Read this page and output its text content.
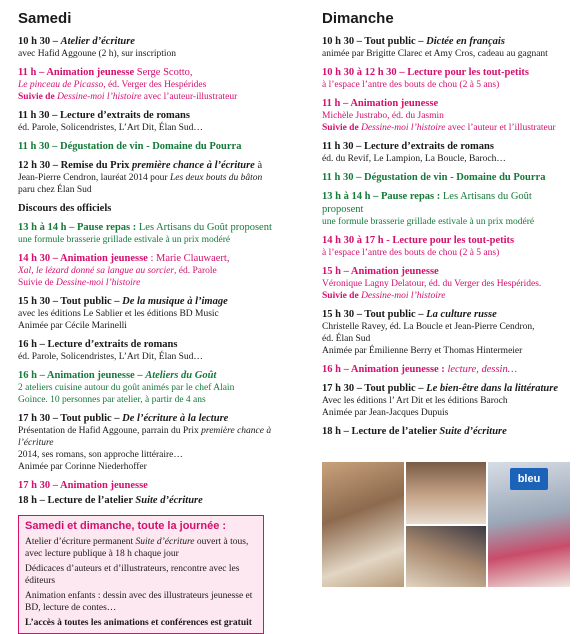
Samedi
10 h 30 – Atelier d’écriture
avec Hafid Aggoune (2 h), sur inscription
11 h – Animation jeunesse Serge Scotto,
Le pinceau de Picasso, éd. Verger des Hespérides
Suivie de Dessine-moi l’histoire avec l’auteur-illustrateur
11 h 30 – Lecture d’extraits de romans
éd. Parole, Solicendristes, L’Art Dit, Élan Sud…
11 h 30 – Dégustation de vin - Domaine du Pourra
12 h 30 – Remise du Prix première chance à l’écriture à
Jean-Pierre Cendron, lauréat 2014 pour Les deux bouts du bâton
paru chez Élan Sud
Discours des officiels
13 h à 14 h – Pause repas : Les Artisans du Goût proposent
une formule brasserie grillade estivale à un prix modéré
14 h 30 – Animation jeunesse : Marie Clauwaert,
Xal, le lézard donné sa langue au sorcier, éd. Parole
Suivie de Dessine-moi l’histoire
15 h 30 – Tout public – De la musique à l’image
avec les éditions Le Sablier et les éditions BD Music
Animée par Cécile Marinelli
16 h – Lecture d’extraits de romans
éd. Parole, Solicendristes, L’Art Dit, Élan Sud…
16 h – Animation jeunesse – Ateliers du Goût
2 ateliers cuisine autour du goût animés par le chef Alain
Goince. 10 personnes par atelier, à partir de 4 ans
17 h 30 – Tout public – De l’écriture à la lecture
Présentation de Hafid Aggoune, parrain du Prix première chance à l’écriture
2014, ses romans, son approche littéraire…
Animée par Corinne Niederhoffer
17 h 30 – Animation jeunesse
18 h – Lecture de l’atelier Suite d’écriture
Samedi et dimanche, toute la journée :
Atelier d’écriture permanent Suite d’écriture ouvert à tous,
avec lecture publique à 18 h chaque jour
Dédicaces d’auteurs et d’illustrateurs, rencontre avec les éditeurs
Animation enfants : dessin avec des illustrateurs jeunesse et
BD, lecture de contes…
L’accès à toutes les animations et conférences est gratuit
Dimanche
10 h 30 – Tout public – Dictée en français
animée par Brigitte Clarec et Amy Cros, cadeau au gagnant
10 h 30 à 12 h 30 – Lecture pour les tout-petits
à l’espace l’antre des bouts de chou (2 à 5 ans)
11 h – Animation jeunesse
Michèle Justrabo, éd. du Jasmin
Suivie de Dessine-moi l’histoire avec l’auteur et l’illustrateur
11 h 30 – Lecture d’extraits de romans
éd. du Revif, Le Lampion, La Boucle, Baroch…
11 h 30 – Dégustation de vin - Domaine du Pourra
13 h à 14 h – Pause repas : Les Artisans du Goût proposent
une formule brasserie grillade estivale à un prix modéré
14 h 30 à 17 h - Lecture pour les tout-petits
à l’espace l’antre des bouts de chou (2 à 5 ans)
15 h – Animation jeunesse
Véronique Lagny Delatour, éd. du Verger des Hespérides.
Suivie de Dessine-moi l’histoire
15 h 30 – Tout public – La culture russe
Christelle Ravey, éd. La Boucle et Jean-Pierre Cendron,
éd. Élan Sud
Animée par Émilienne Berry et Thomas Hintermeier
16 h – Animation jeunesse : lecture, dessin…
17 h 30 – Tout public – Le bien-être dans la littérature
Avec les éditions l’ Art Dit et les éditions Baroch
Animée par Jean-Jacques Dupuis
18 h – Lecture de l’atelier Suite d’écriture
bleu
